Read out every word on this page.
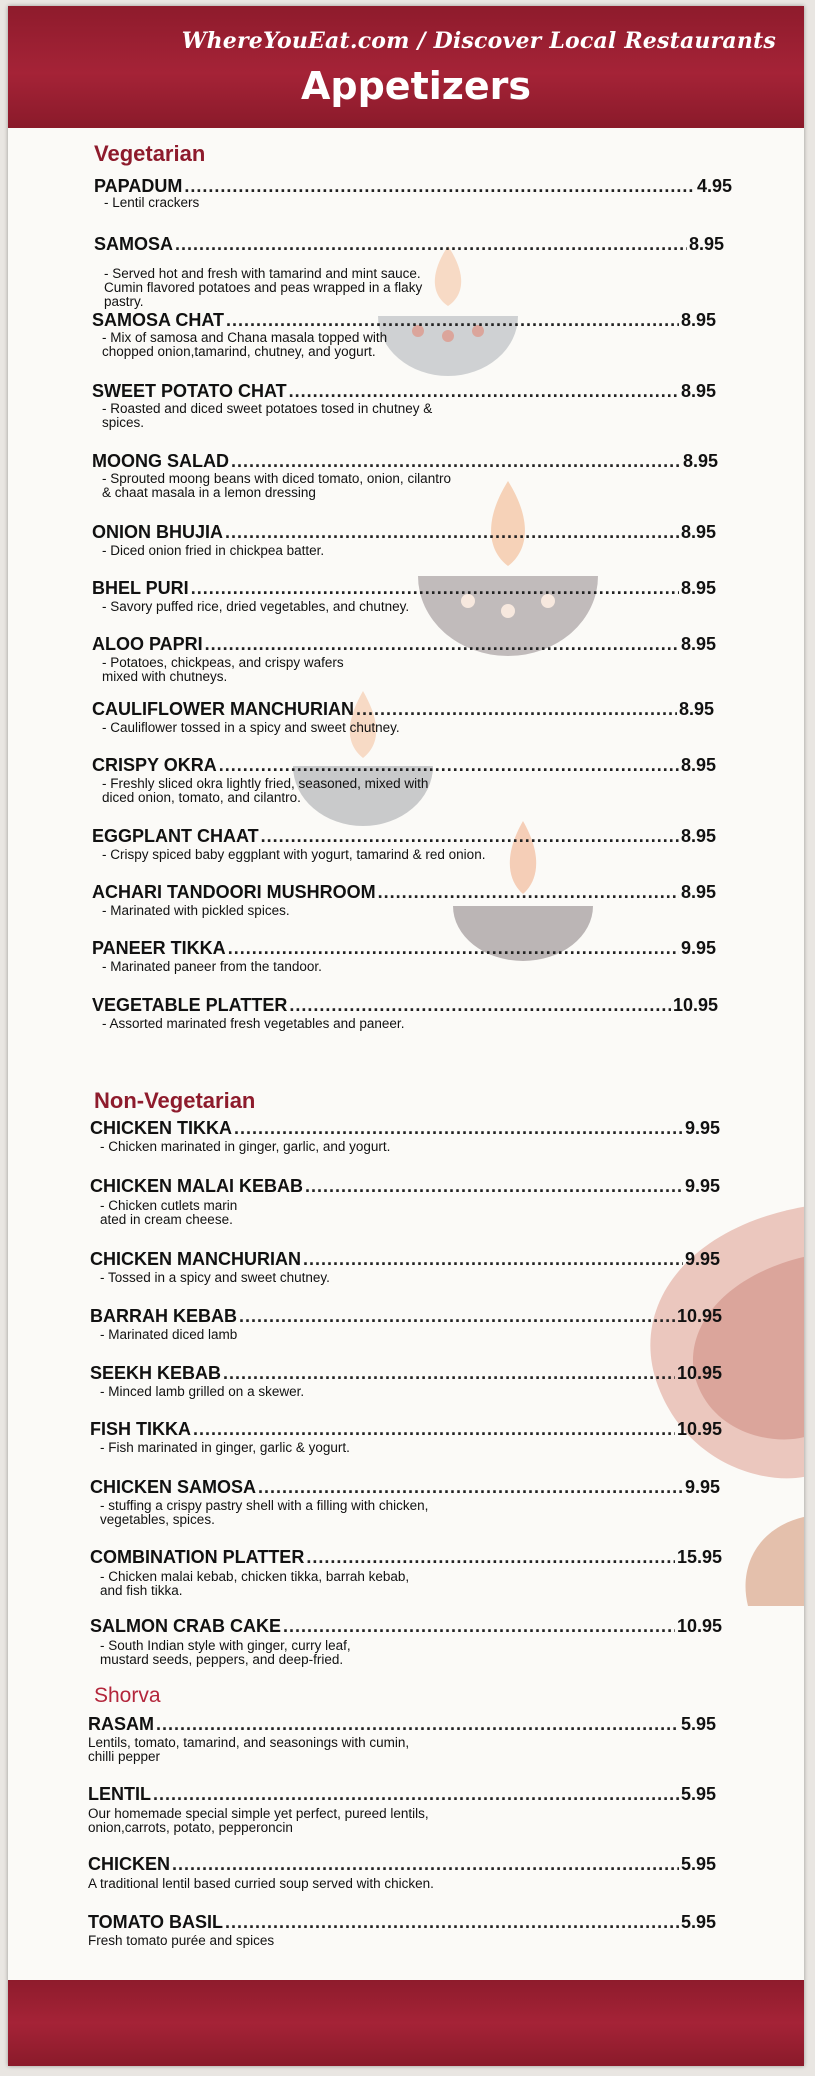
WhereYouEat.com / Discover Local Restaurants
Appetizers
Vegetarian
Non-Vegetarian
Shorva
PAPADUM .....	4.95
- Lentil crackers
SAMOSA .....	8.95
- Served hot and fresh with tamarind and mint sauce.
Cumin flavored potatoes and peas wrapped in a flaky
pastry.
SAMOSA CHAT .....	8.95
- Mix of samosa and Chana masala topped with
chopped onion,tamarind, chutney, and yogurt.
SWEET POTATO CHAT .....	8.95
- Roasted and diced sweet potatoes tosed in chutney &
spices.
MOONG SALAD .....	8.95
- Sprouted moong beans with diced tomato, onion, cilantro
& chaat masala in a lemon dressing
ONION BHUJIA .....	8.95
- Diced onion fried in chickpea batter.
BHEL PURI .....	8.95
- Savory puffed rice, dried vegetables, and chutney.
ALOO PAPRI .....	8.95
- Potatoes, chickpeas, and crispy wafers
mixed with chutneys.
CAULIFLOWER MANCHURIAN .....	8.95
- Cauliflower tossed in a spicy and sweet chutney.
CRISPY OKRA .....	8.95
- Freshly sliced okra lightly fried, seasoned, mixed with
diced onion, tomato, and cilantro.
EGGPLANT CHAAT .....	8.95
- Crispy spiced baby eggplant with yogurt, tamarind & red onion.
ACHARI TANDOORI MUSHROOM .....	8.95
- Marinated with pickled spices.
PANEER TIKKA .....	9.95
- Marinated paneer from the tandoor.
VEGETABLE PLATTER .....	10.95
- Assorted marinated fresh vegetables and paneer.
CHICKEN TIKKA .....	9.95
- Chicken marinated in ginger, garlic, and yogurt.
CHICKEN MALAI KEBAB .....	9.95
- Chicken cutlets marin
ated in cream cheese.
CHICKEN MANCHURIAN .....	9.95
- Tossed in a spicy and sweet chutney.
BARRAH KEBAB .....	10.95
- Marinated diced lamb
SEEKH KEBAB .....	10.95
- Minced lamb grilled on a skewer.
FISH TIKKA .....	10.95
- Fish marinated in ginger, garlic & yogurt.
CHICKEN SAMOSA .....	9.95
- stuffing a crispy pastry shell with a filling with chicken,
vegetables, spices.
COMBINATION PLATTER .....	15.95
- Chicken malai kebab, chicken tikka, barrah kebab,
and fish tikka.
SALMON CRAB CAKE .....	10.95
- South Indian style with ginger, curry leaf,
mustard seeds, peppers, and deep-fried.
RASAM .....	5.95
Lentils, tomato, tamarind, and seasonings with cumin,
chilli pepper
LENTIL .....	5.95
Our homemade special simple yet perfect, pureed lentils,
onion,carrots, potato, pepperoncin
CHICKEN .....	5.95
A traditional lentil based curried soup served with chicken.
TOMATO BASIL .....	5.95
Fresh tomato purée and spices
